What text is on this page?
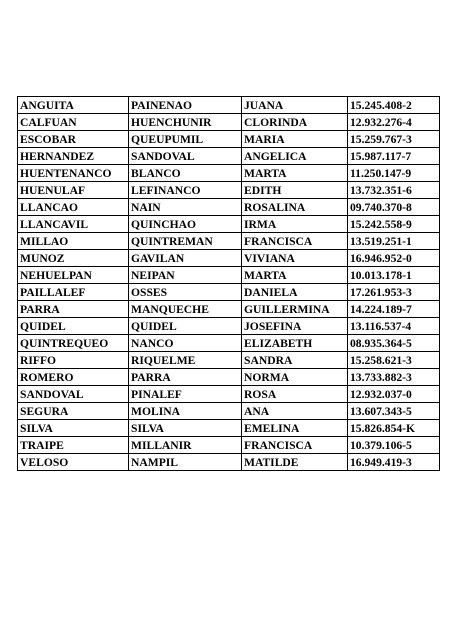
ANGUITA	PAINENAO	JUANA	15.245.408-2
CALFUAN	HUENCHUNIR	CLORINDA	12.932.276-4
ESCOBAR	QUEUPUMIL	MARIA	15.259.767-3
HERNANDEZ	SANDOVAL	ANGELICA	15.987.117-7
HUENTENANCO	BLANCO	MARTA	11.250.147-9
HUENULAF	LEFINANCO	EDITH	13.732.351-6
LLANCAO	NAIN	ROSALINA	09.740.370-8
LLANCAVIL	QUINCHAO	IRMA	15.242.558-9
MILLAO	QUINTREMAN	FRANCISCA	13.519.251-1
MUNOZ	GAVILAN	VIVIANA	16.946.952-0
NEHUELPAN	NEIPAN	MARTA	10.013.178-1
PAILLALEF	OSSES	DANIELA	17.261.953-3
PARRA	MANQUECHE	GUILLERMINA	14.224.189-7
QUIDEL	QUIDEL	JOSEFINA	13.116.537-4
QUINTREQUEO	NANCO	ELIZABETH	08.935.364-5
RIFFO	RIQUELME	SANDRA	15.258.621-3
ROMERO	PARRA	NORMA	13.733.882-3
SANDOVAL	PINALEF	ROSA	12.932.037-0
SEGURA	MOLINA	ANA	13.607.343-5
SILVA	SILVA	EMELINA	15.826.854-K
TRAIPE	MILLANIR	FRANCISCA	10.379.106-5
VELOSO	NAMPIL	MATILDE	16.949.419-3
